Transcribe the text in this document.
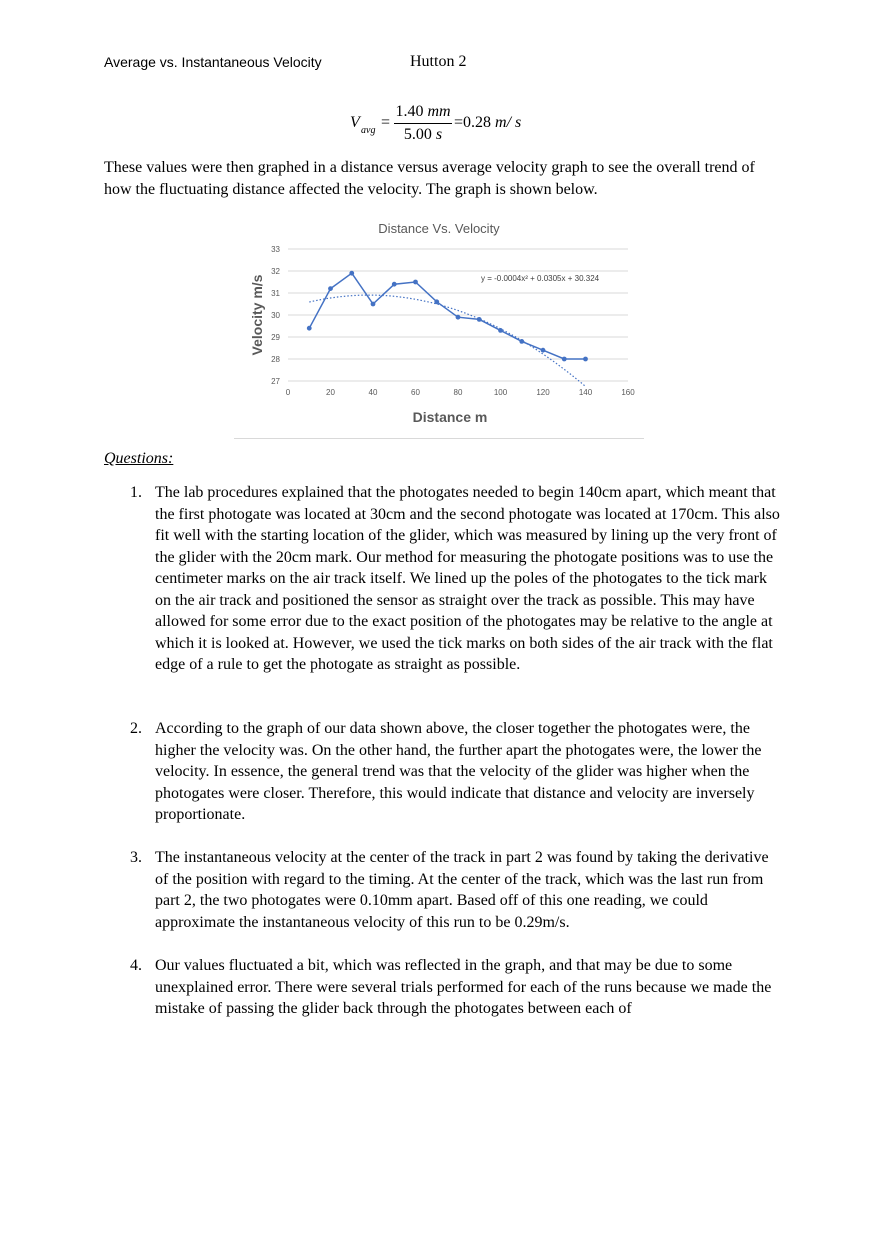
Average vs. Instantaneous Velocity	Hutton 2
V avg =
1.40 mm
5.00 s
=0.28 m/ s
These values were then graphed in a distance versus average velocity graph to see the overall trend of how the fluctuating distance affected the velocity. The graph is shown below.
27
28
29
30
31
32
33
0	20	40	60	80	100	120	140	160
Distance Vs. Velocity
Velocity m/s
Distance m
y = -0.0004x² + 0.0305x + 30.324
Questions:
1. The lab procedures explained that the photogates needed to begin 140cm apart, which meant that the first photogate was located at 30cm and the second photogate was located at 170cm. This also fit well with the starting location of the glider, which was measured by lining up the very front of the glider with the 20cm mark. Our method for measuring the photogate positions was to use the centimeter marks on the air track itself. We lined up the poles of the photogates to the tick mark on the air track and positioned the sensor as straight over the track as possible. This may have allowed for some error due to the exact position of the photogates may be relative to the angle at which it is looked at. However, we used the tick marks on both sides of the air track with the flat edge of a rule to get the photogate as straight as possible.
2. According to the graph of our data shown above, the closer together the photogates were, the higher the velocity was. On the other hand, the further apart the photogates were, the lower the velocity. In essence, the general trend was that the velocity of the glider was higher when the photogates were closer. Therefore, this would indicate that distance and velocity are inversely proportionate.
3. The instantaneous velocity at the center of the track in part 2 was found by taking the derivative of the position with regard to the timing. At the center of the track, which was the last run from part 2, the two photogates were 0.10mm apart. Based off of this one reading, we could approximate the instantaneous velocity of this run to be 0.29m/s.
4. Our values fluctuated a bit, which was reflected in the graph, and that may be due to some unexplained error. There were several trials performed for each of the runs because we made the mistake of passing the glider back through the photogates between each of
